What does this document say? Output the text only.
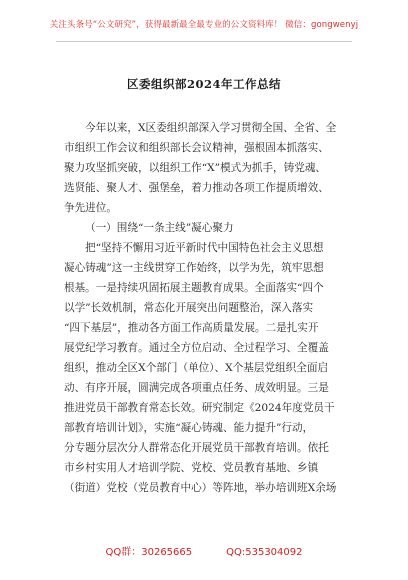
关注头条号“公文研究”，获得最新最全最专业的公文资料库！ 微信：gongwenyj
区委组织部2024年工作总结

今年以来，X区委组织部深入学习贯彻全国、全省、全
市组织工作会议和组织部长会议精神，强根固本抓落实、
聚力攻坚抓突破，以组织工作“X”模式为抓手，铸党魂、
选贤能、聚人才、强堡垒，着力推动各项工作提质增效、
争先进位。

（一）围绕“一条主线”凝心聚力

把“坚持不懈用习近平新时代中国特色社会主义思想
凝心铸魂”这一主线贯穿工作始终，以学为先，筑牢思想
根基。一是持续巩固拓展主题教育成果。全面落实“四个
以学”长效机制，常态化开展突出问题整治，深入落实
“四下基层”，推动各方面工作高质量发展。二是扎实开
展党纪学习教育。通过全方位启动、全过程学习、全覆盖
组织，推动全区X个部门（单位）、X个基层党组织全面启
动、有序开展，圆满完成各项重点任务、成效明显。三是
推进党员干部教育常态长效。研究制定《2024年度党员干
部教育培训计划》，实施“凝心铸魂、能力提升”行动，
分专题分层次分人群常态化开展党员干部教育培训。依托
市乡村实用人才培训学院、党校、党员教育基地、乡镇
（街道）党校（党员教育中心）等阵地，举办培训班X余场

QQ群：30265665	QQ:535304092
